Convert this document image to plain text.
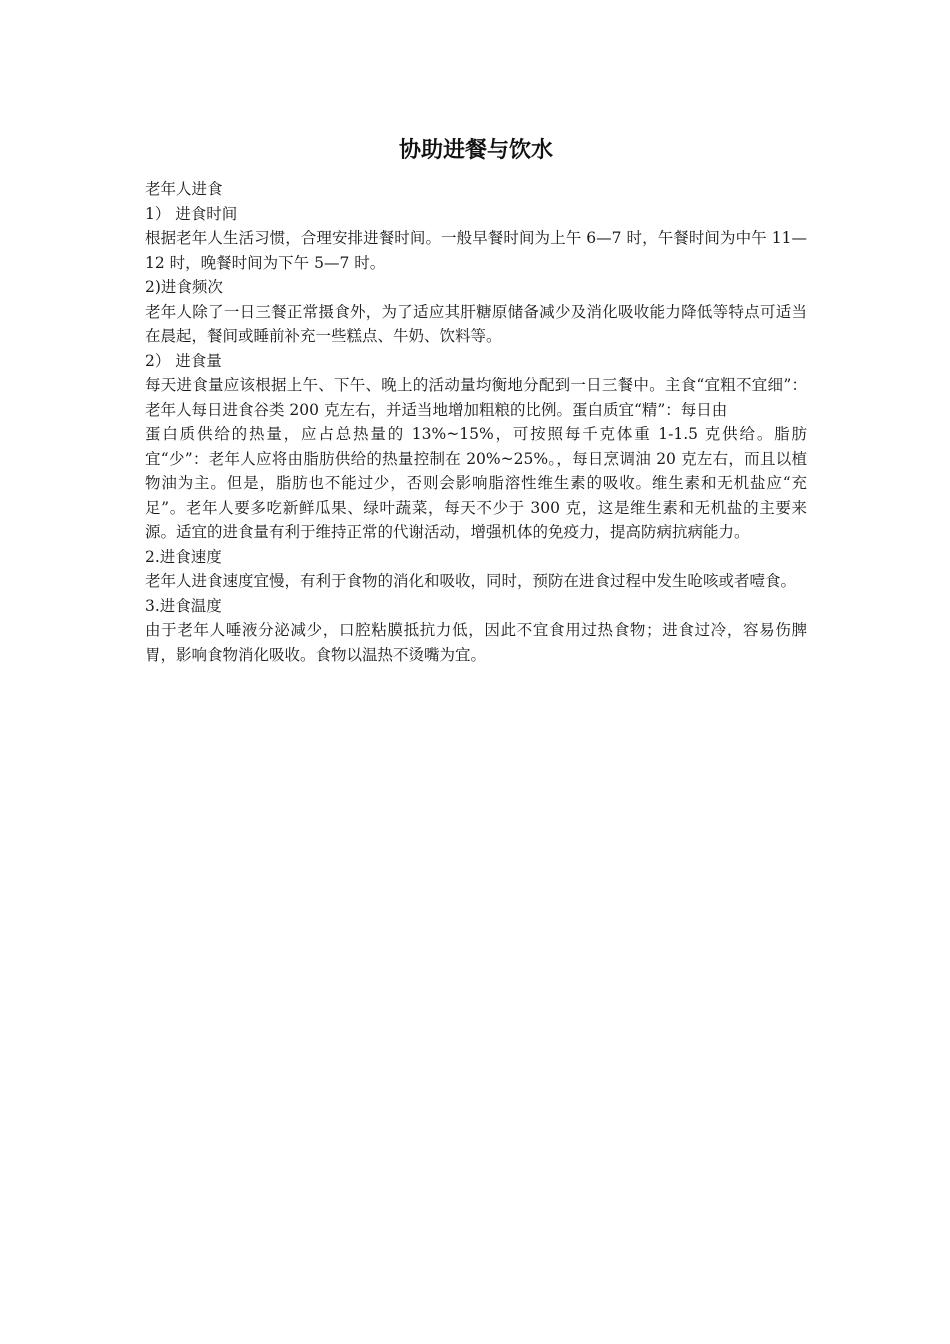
协助进餐与饮水

老年人进食

1） 进食时间

根据老年人生活习惯，合理安排进餐时间。一般早餐时间为上午 6—7 时，午餐时间为中午 11—12 时，晚餐时间为下午 5—7 时。

2)进食频次

老年人除了一日三餐正常摄食外，为了适应其肝糖原储备减少及消化吸收能力降低等特点可适当在晨起，餐间或睡前补充一些糕点、牛奶、饮料等。

2） 进食量

每天进食量应该根据上午、下午、晚上的活动量均衡地分配到一日三餐中。主食“宜粗不宜细”：老年人每日进食谷类 200 克左右，并适当地增加粗粮的比例。蛋白质宜“精”：每日由

蛋白质供给的热量，应占总热量的 13%~15%，可按照每千克体重 1-1.5 克供给。脂肪宜“少”：老年人应将由脂肪供给的热量控制在 20%~25%。，每日烹调油 20 克左右，而且以植物油为主。但是，脂肪也不能过少，否则会影响脂溶性维生素的吸收。维生素和无机盐应“充足”。老年人要多吃新鲜瓜果、绿叶蔬菜，每天不少于 300 克，这是维生素和无机盐的主要来源。适宜的进食量有利于维持正常的代谢活动，增强机体的免疫力，提高防病抗病能力。

2.进食速度

老年人进食速度宜慢，有利于食物的消化和吸收，同时，预防在进食过程中发生呛咳或者噎食。

3.进食温度

由于老年人唾液分泌减少，口腔粘膜抵抗力低，因此不宜食用过热食物；进食过冷，容易伤脾胃，影响食物消化吸收。食物以温热不烫嘴为宜。
